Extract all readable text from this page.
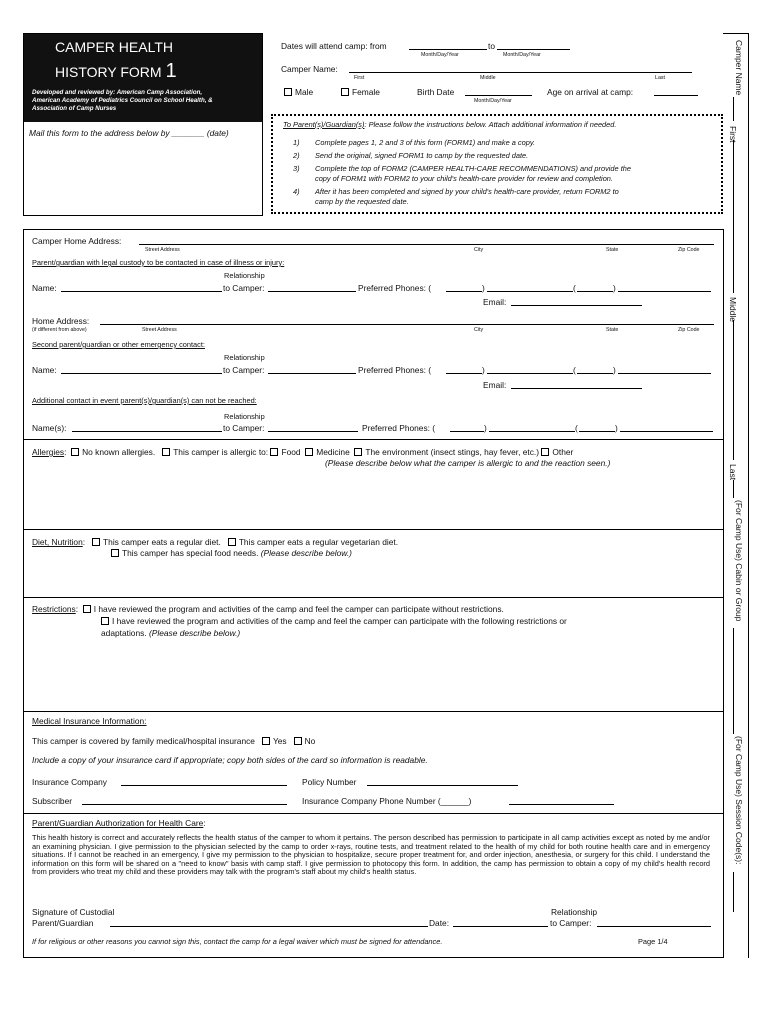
CAMPER HEALTH
HISTORY FORM 1
Developed and reviewed by: American Camp Association,
American Academy of Pediatrics Council on School Health, &
Association of Camp Nurses
Mail this form to the address below by _______ (date)
Camper Name
First
Middle
Last
(For Camp Use) Cabin or Group
(For Camp Use) Session Code(s):
Dates will attend camp: from	to
Month/Day/Year	Month/Day/Year
Camper Name:
First	Middle	Last
Male	Female	Birth Date
Month/Day/Year
Age on arrival at camp:
To Parent(s)/Guardian(s): Please follow the instructions below. Attach additional information if needed.
1) Complete pages 1, 2 and 3 of this form (FORM1) and make a copy.
2) Send the original, signed FORM1 to camp by the requested date.
3) Complete the top of FORM2 (CAMPER HEALTH-CARE RECOMMENDATIONS) and provide the
copy of FORM1 with FORM2 to your child's health-care provider for review and completion.
4) After it has been completed and signed by your child's health-care provider, return FORM2 to
camp by the requested date.
Camper Home Address:
Street Address	City	State	Zip Code
Parent/guardian with legal custody to be contacted in case of illness or injury:
Relationship
Name:	to Camper:	Preferred Phones: (	)	(	)
Email:
Home Address:
(if different from above)	Street Address	City	State	Zip Code
Second parent/guardian or other emergency contact:
Relationship
Name:	to Camper:	Preferred Phones: (	)	(	)
Email:
Additional contact in event parent(s)/guardian(s) can not be reached:
Relationship
Name(s):	to Camper:	Preferred Phones: (	)	(	)
Allergies:  No known allergies. This camper is allergic to: Food Medicine The environment (insect stings, hay fever, etc.) Other
(Please describe below what the camper is allergic to and the reaction seen.)
Diet, Nutrition:   This camper eats a regular diet. This camper eats a regular vegetarian diet.
This camper has special food needs. (Please describe below.)
Restrictions:  I have reviewed the program and activities of the camp and feel the camper can participate without restrictions.
I have reviewed the program and activities of the camp and feel the camper can participate with the following restrictions or
adaptations. (Please describe below.)
Medical Insurance Information:
This camper is covered by family medical/hospital insurance Yes No
Include a copy of your insurance card if appropriate; copy both sides of the card so information is readable.
Insurance Company	Policy Number
Subscriber	Insurance Company Phone Number (______)
Parent/Guardian Authorization for Health Care:
This health history is correct and accurately reflects the health status of the camper to whom it pertains. The person described has permission to participate in all camp activities except as noted by me and/or an examining physician. I give permission to the physician selected by the camp to order x-rays, routine tests, and treatment related to the health of my child for both routine health care and in emergency situations. If I cannot be reached in an emergency, I give my permission to the physician to hospitalize, secure proper treatment for, and order injection, anesthesia, or surgery for this child. I understand the information on this form will be shared on a "need to know" basis with camp staff. I give permission to photocopy this form. In addition, the camp has permission to obtain a copy of my child's health record from providers who treat my child and these providers may talk with the program's staff about my child's health status.
Signature of Custodial
Parent/Guardian	Date:
Relationship
to Camper:
If for religious or other reasons you cannot sign this, contact the camp for a legal waiver which must be signed for attendance.	Page 1/4
